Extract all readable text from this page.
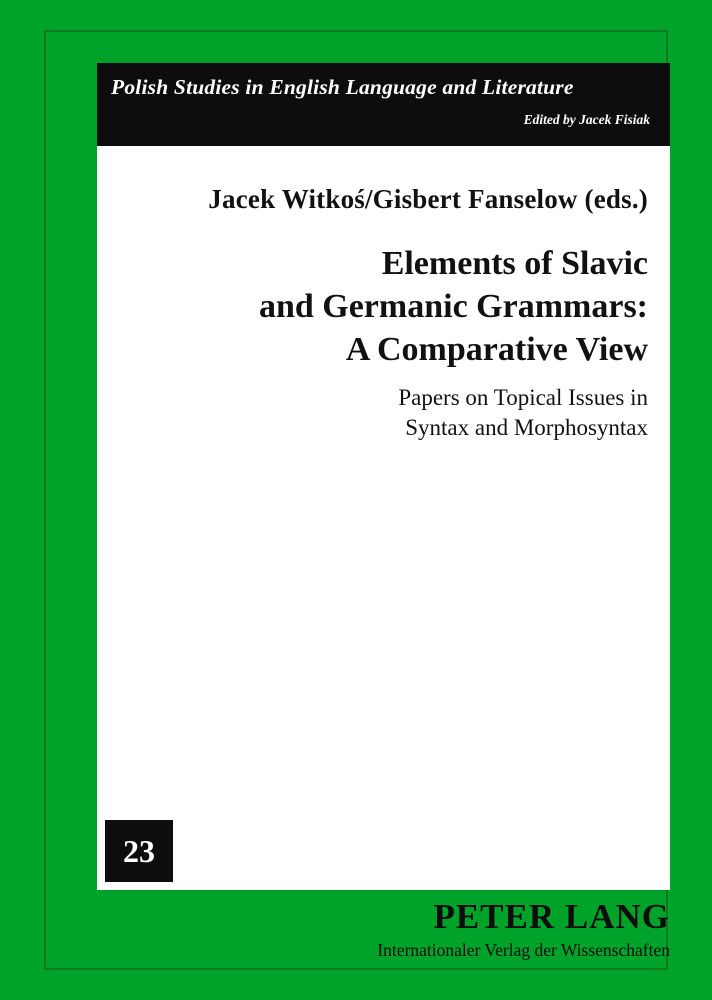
Polish Studies in English Language and Literature
Edited by Jacek Fisiak
Jacek Witkoś/Gisbert Fanselow (eds.)
Elements of Slavic
and Germanic Grammars:
A Comparative View
Papers on Topical Issues in
Syntax and Morphosyntax
23
PETER LANG
Internationaler Verlag der Wissenschaften
